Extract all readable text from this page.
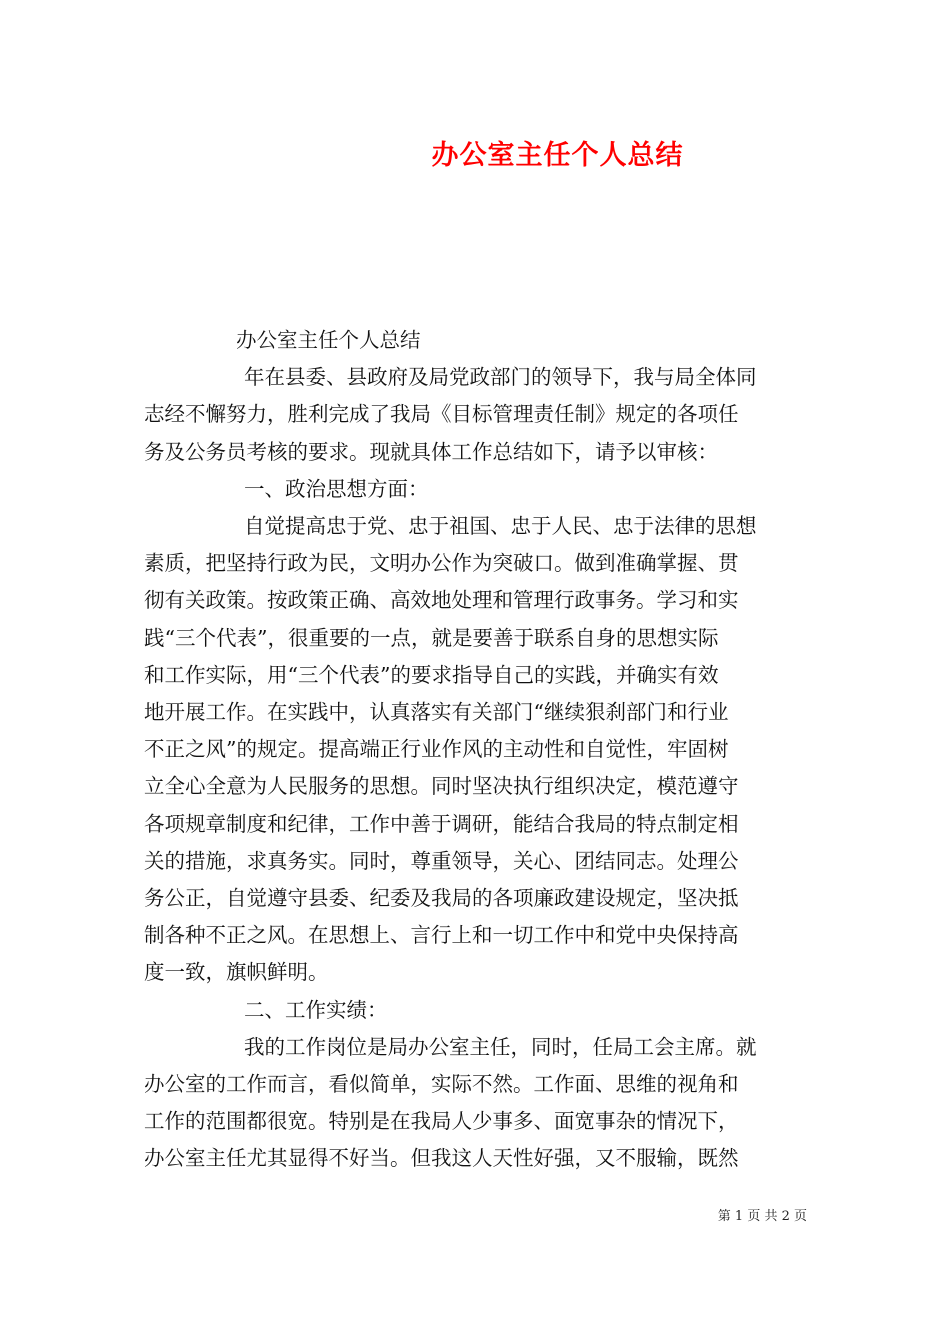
办公室主任个人总结

办公室主任个人总结

年在县委、县政府及局党政部门的领导下，我与局全体同

志经不懈努力，胜利完成了我局《目标管理责任制》规定的各项任

务及公务员考核的要求。现就具体工作总结如下，请予以审核：

一、政治思想方面：

自觉提高忠于党、忠于祖国、忠于人民、忠于法律的思想

素质，把坚持行政为民，文明办公作为突破口。做到准确掌握、贯

彻有关政策。按政策正确、高效地处理和管理行政事务。学习和实

践“三个代表”，很重要的一点，就是要善于联系自身的思想实际

和工作实际，用“三个代表”的要求指导自己的实践，并确实有效

地开展工作。在实践中，认真落实有关部门“继续狠刹部门和行业

不正之风”的规定。提高端正行业作风的主动性和自觉性，牢固树

立全心全意为人民服务的思想。同时坚决执行组织决定，模范遵守

各项规章制度和纪律，工作中善于调研，能结合我局的特点制定相

关的措施，求真务实。同时，尊重领导，关心、团结同志。处理公

务公正，自觉遵守县委、纪委及我局的各项廉政建设规定，坚决抵

制各种不正之风。在思想上、言行上和一切工作中和党中央保持高

度一致，旗帜鲜明。

二、工作实绩：

我的工作岗位是局办公室主任，同时，任局工会主席。就

办公室的工作而言，看似简单，实际不然。工作面、思维的视角和

工作的范围都很宽。特别是在我局人少事多、面宽事杂的情况下，

办公室主任尤其显得不好当。但我这人天性好强，又不服输，既然

第 1 页 共 2 页
